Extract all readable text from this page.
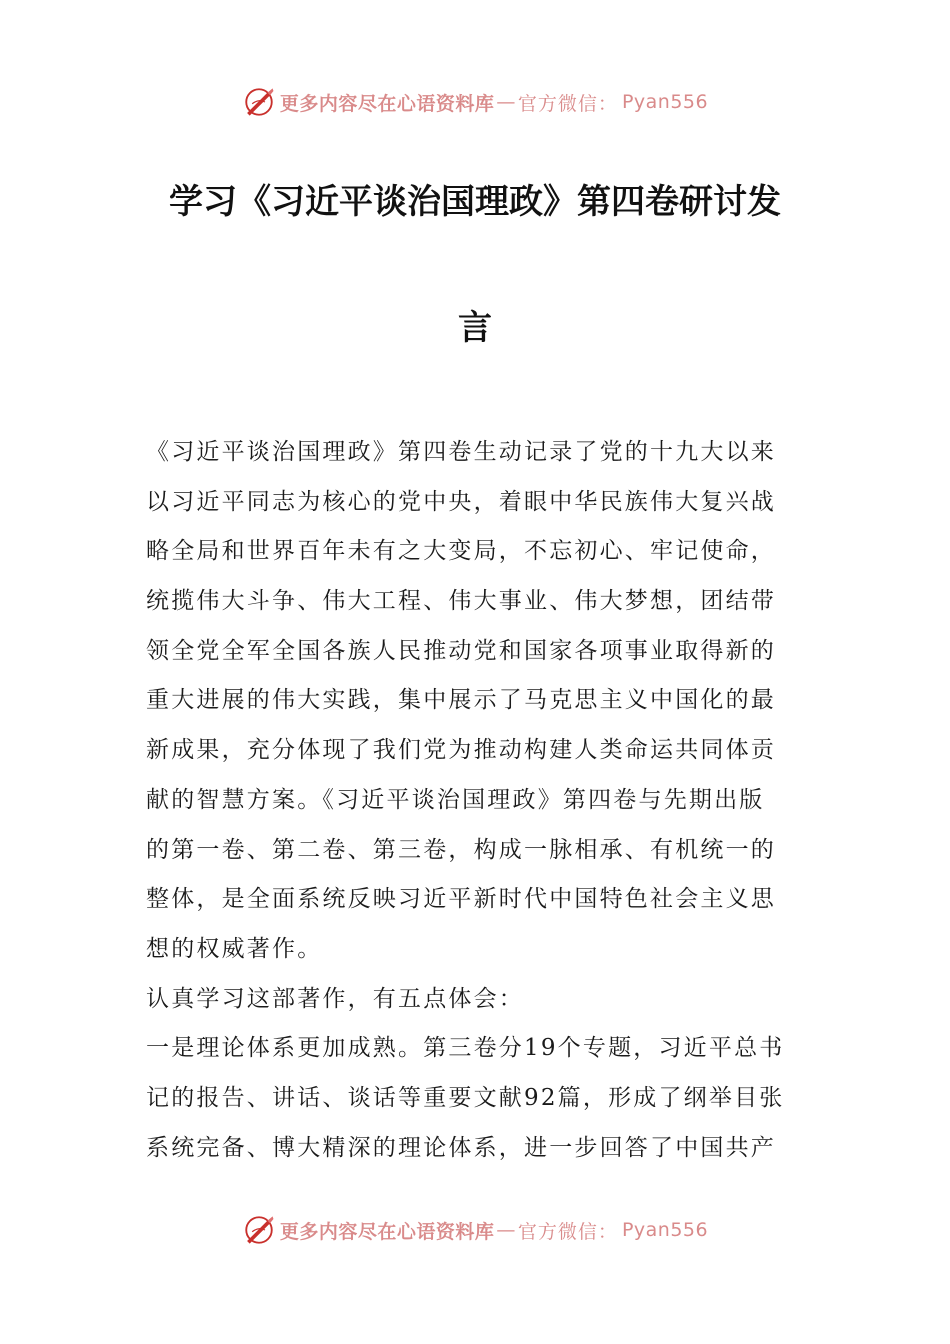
更多内容尽在心语资料库 — 官方微信： Pyan556
学习《习近平谈治国理政》第四卷研讨发
言
《习近平谈治国理政》第四卷生动记录了党的十九大以来
以习近平同志为核心的党中央，着眼中华民族伟大复兴战
略全局和世界百年未有之大变局，不忘初心、牢记使命，
统揽伟大斗争、伟大工程、伟大事业、伟大梦想，团结带
领全党全军全国各族人民推动党和国家各项事业取得新的
重大进展的伟大实践，集中展示了马克思主义中国化的最
新成果，充分体现了我们党为推动构建人类命运共同体贡
献的智慧方案。《习近平谈治国理政》第四卷与先期出版
的第一卷、第二卷、第三卷，构成一脉相承、有机统一的
整体，是全面系统反映习近平新时代中国特色社会主义思
想的权威著作。
认真学习这部著作，有五点体会：
一是理论体系更加成熟。第三卷分19个专题，习近平总书
记的报告、讲话、谈话等重要文献92篇，形成了纲举目张
系统完备、博大精深的理论体系，进一步回答了中国共产
更多内容尽在心语资料库 — 官方微信： Pyan556
